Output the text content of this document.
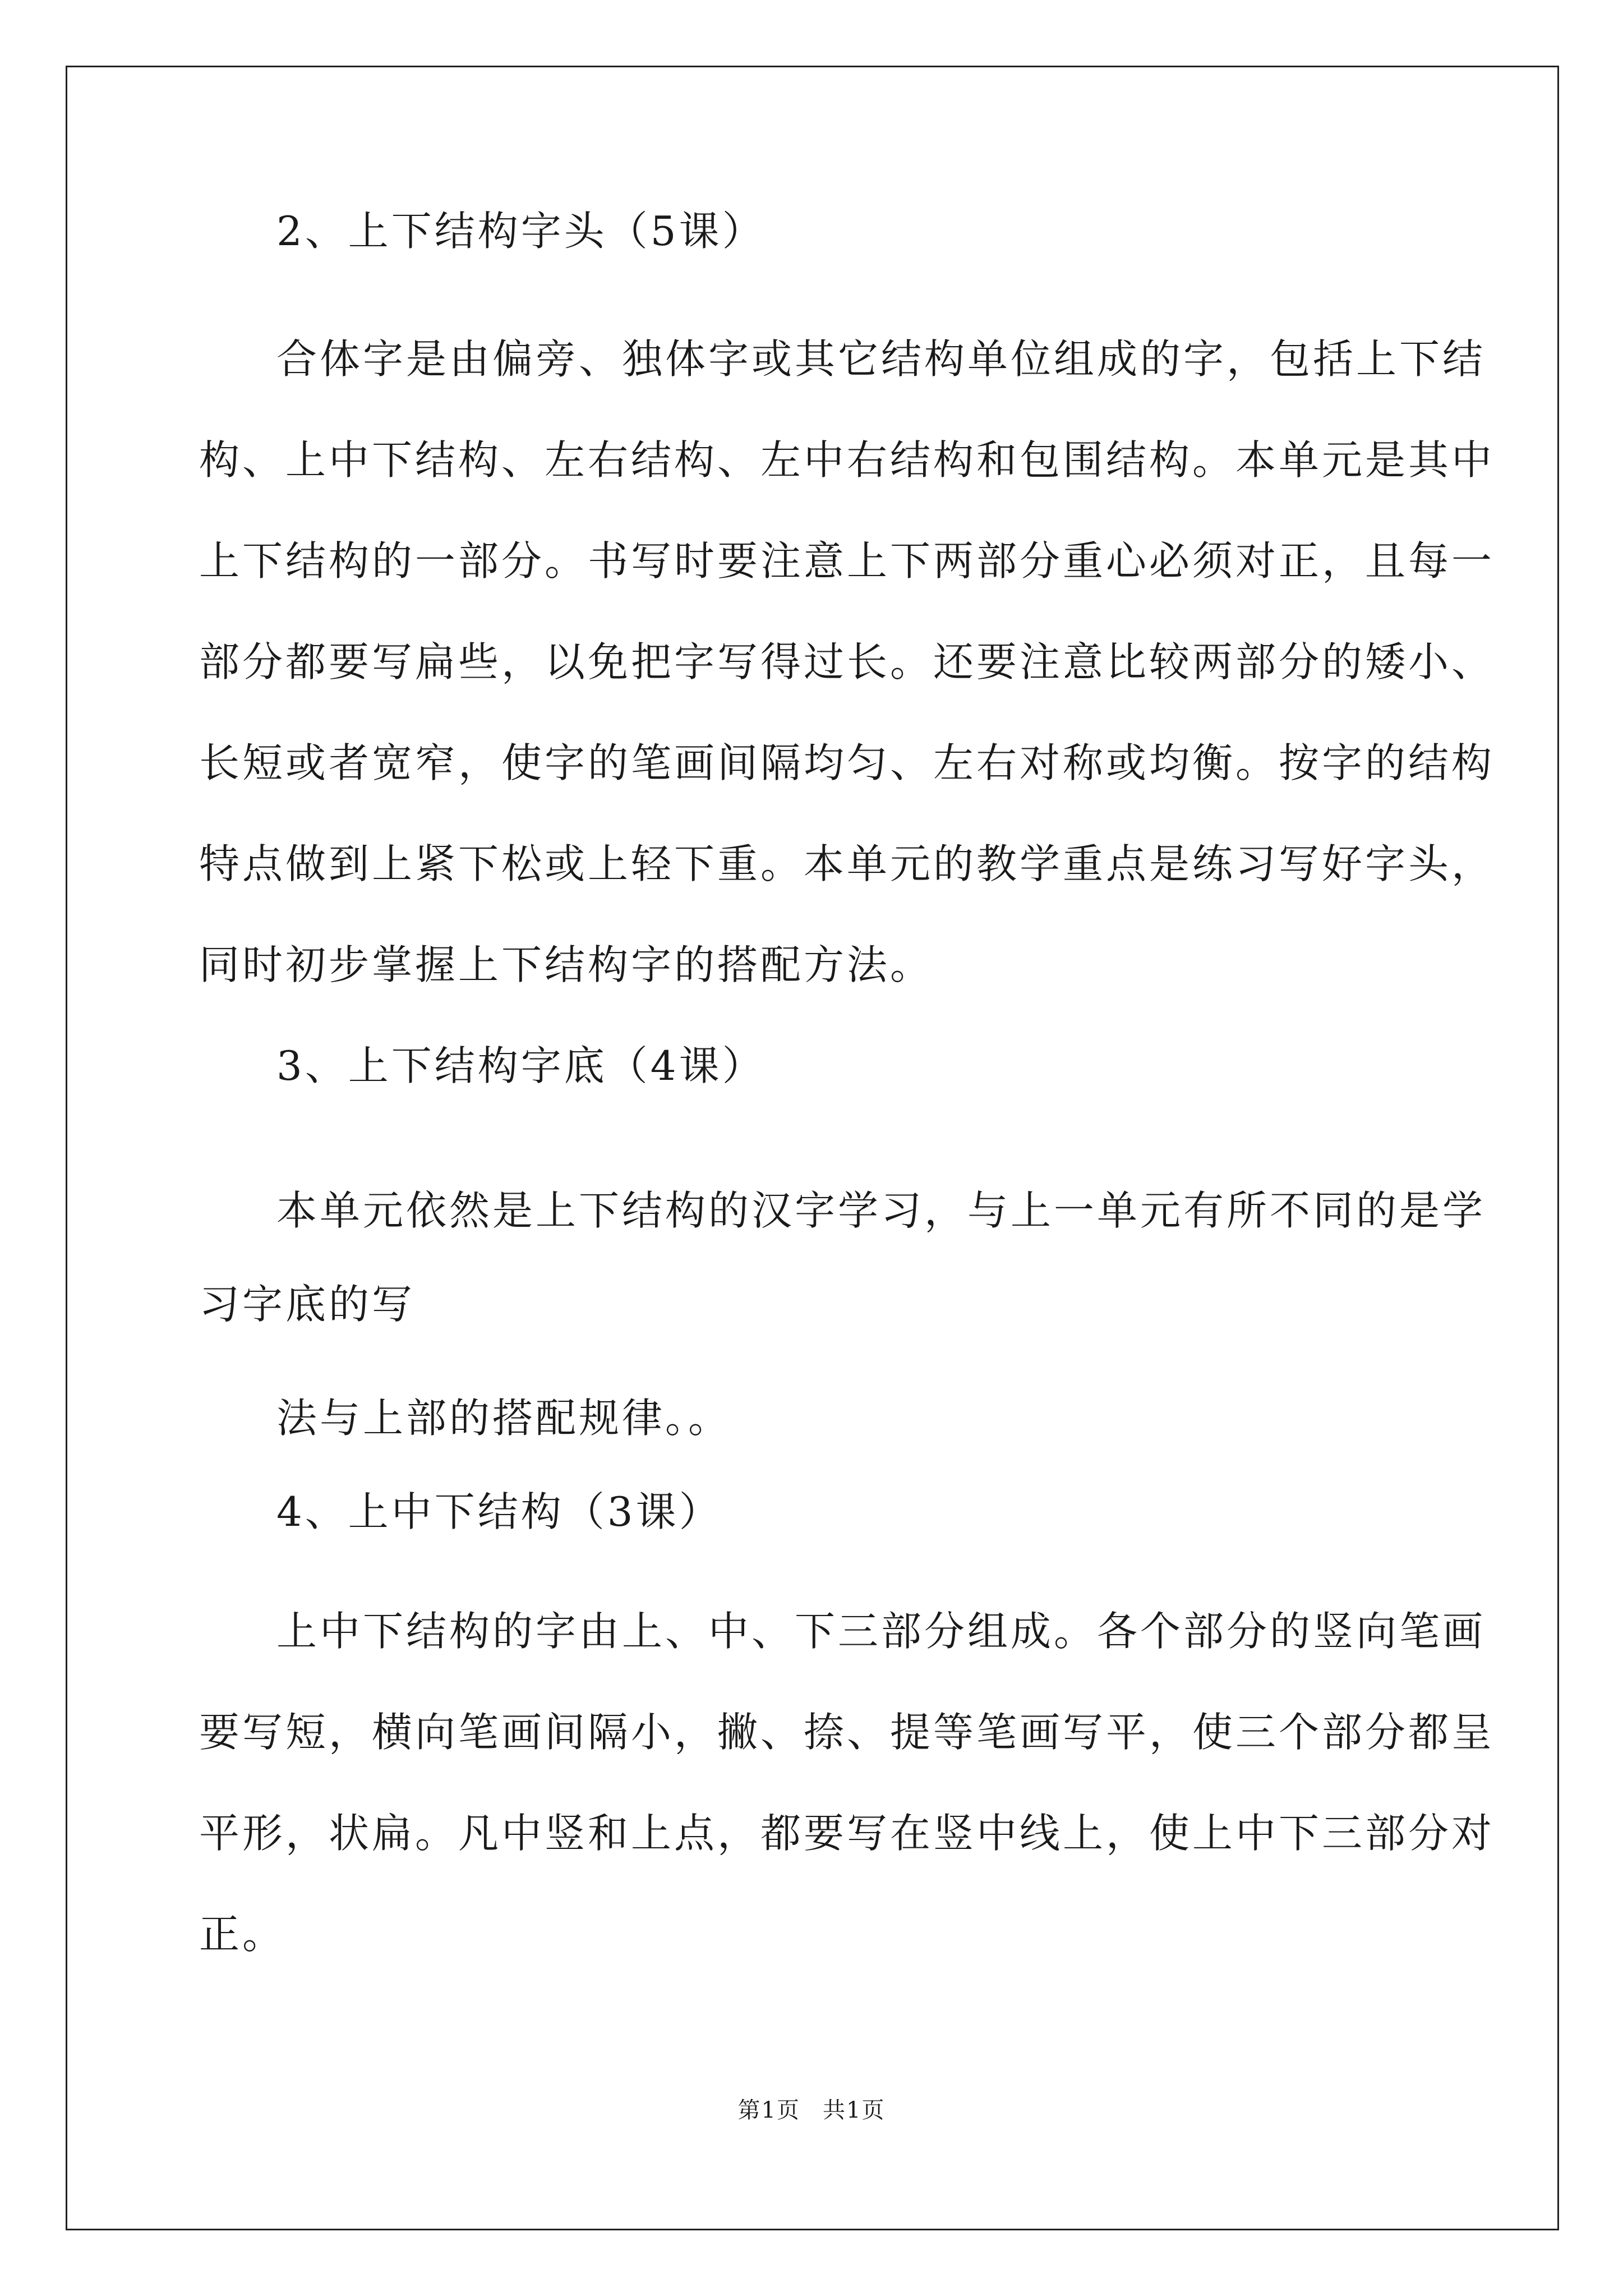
2、上下结构字头（5课）
合体字是由偏旁、独体字或其它结构单位组成的字，包括上下结
构、上中下结构、左右结构、左中右结构和包围结构。本单元是其中
上下结构的一部分。书写时要注意上下两部分重心必须对正，且每一
部分都要写扁些，以免把字写得过长。还要注意比较两部分的矮小、
长短或者宽窄，使字的笔画间隔均匀、左右对称或均衡。按字的结构
特点做到上紧下松或上轻下重。本单元的教学重点是练习写好字头，
同时初步掌握上下结构字的搭配方法。
3、上下结构字底（4课）
本单元依然是上下结构的汉字学习，与上一单元有所不同的是学
习字底的写
法与上部的搭配规律。。
4、上中下结构（3课）
上中下结构的字由上、中、下三部分组成。各个部分的竖向笔画
要写短，横向笔画间隔小，撇、捺、提等笔画写平，使三个部分都呈
平形，状扁。凡中竖和上点，都要写在竖中线上，使上中下三部分对
正。
第1页 共1页
